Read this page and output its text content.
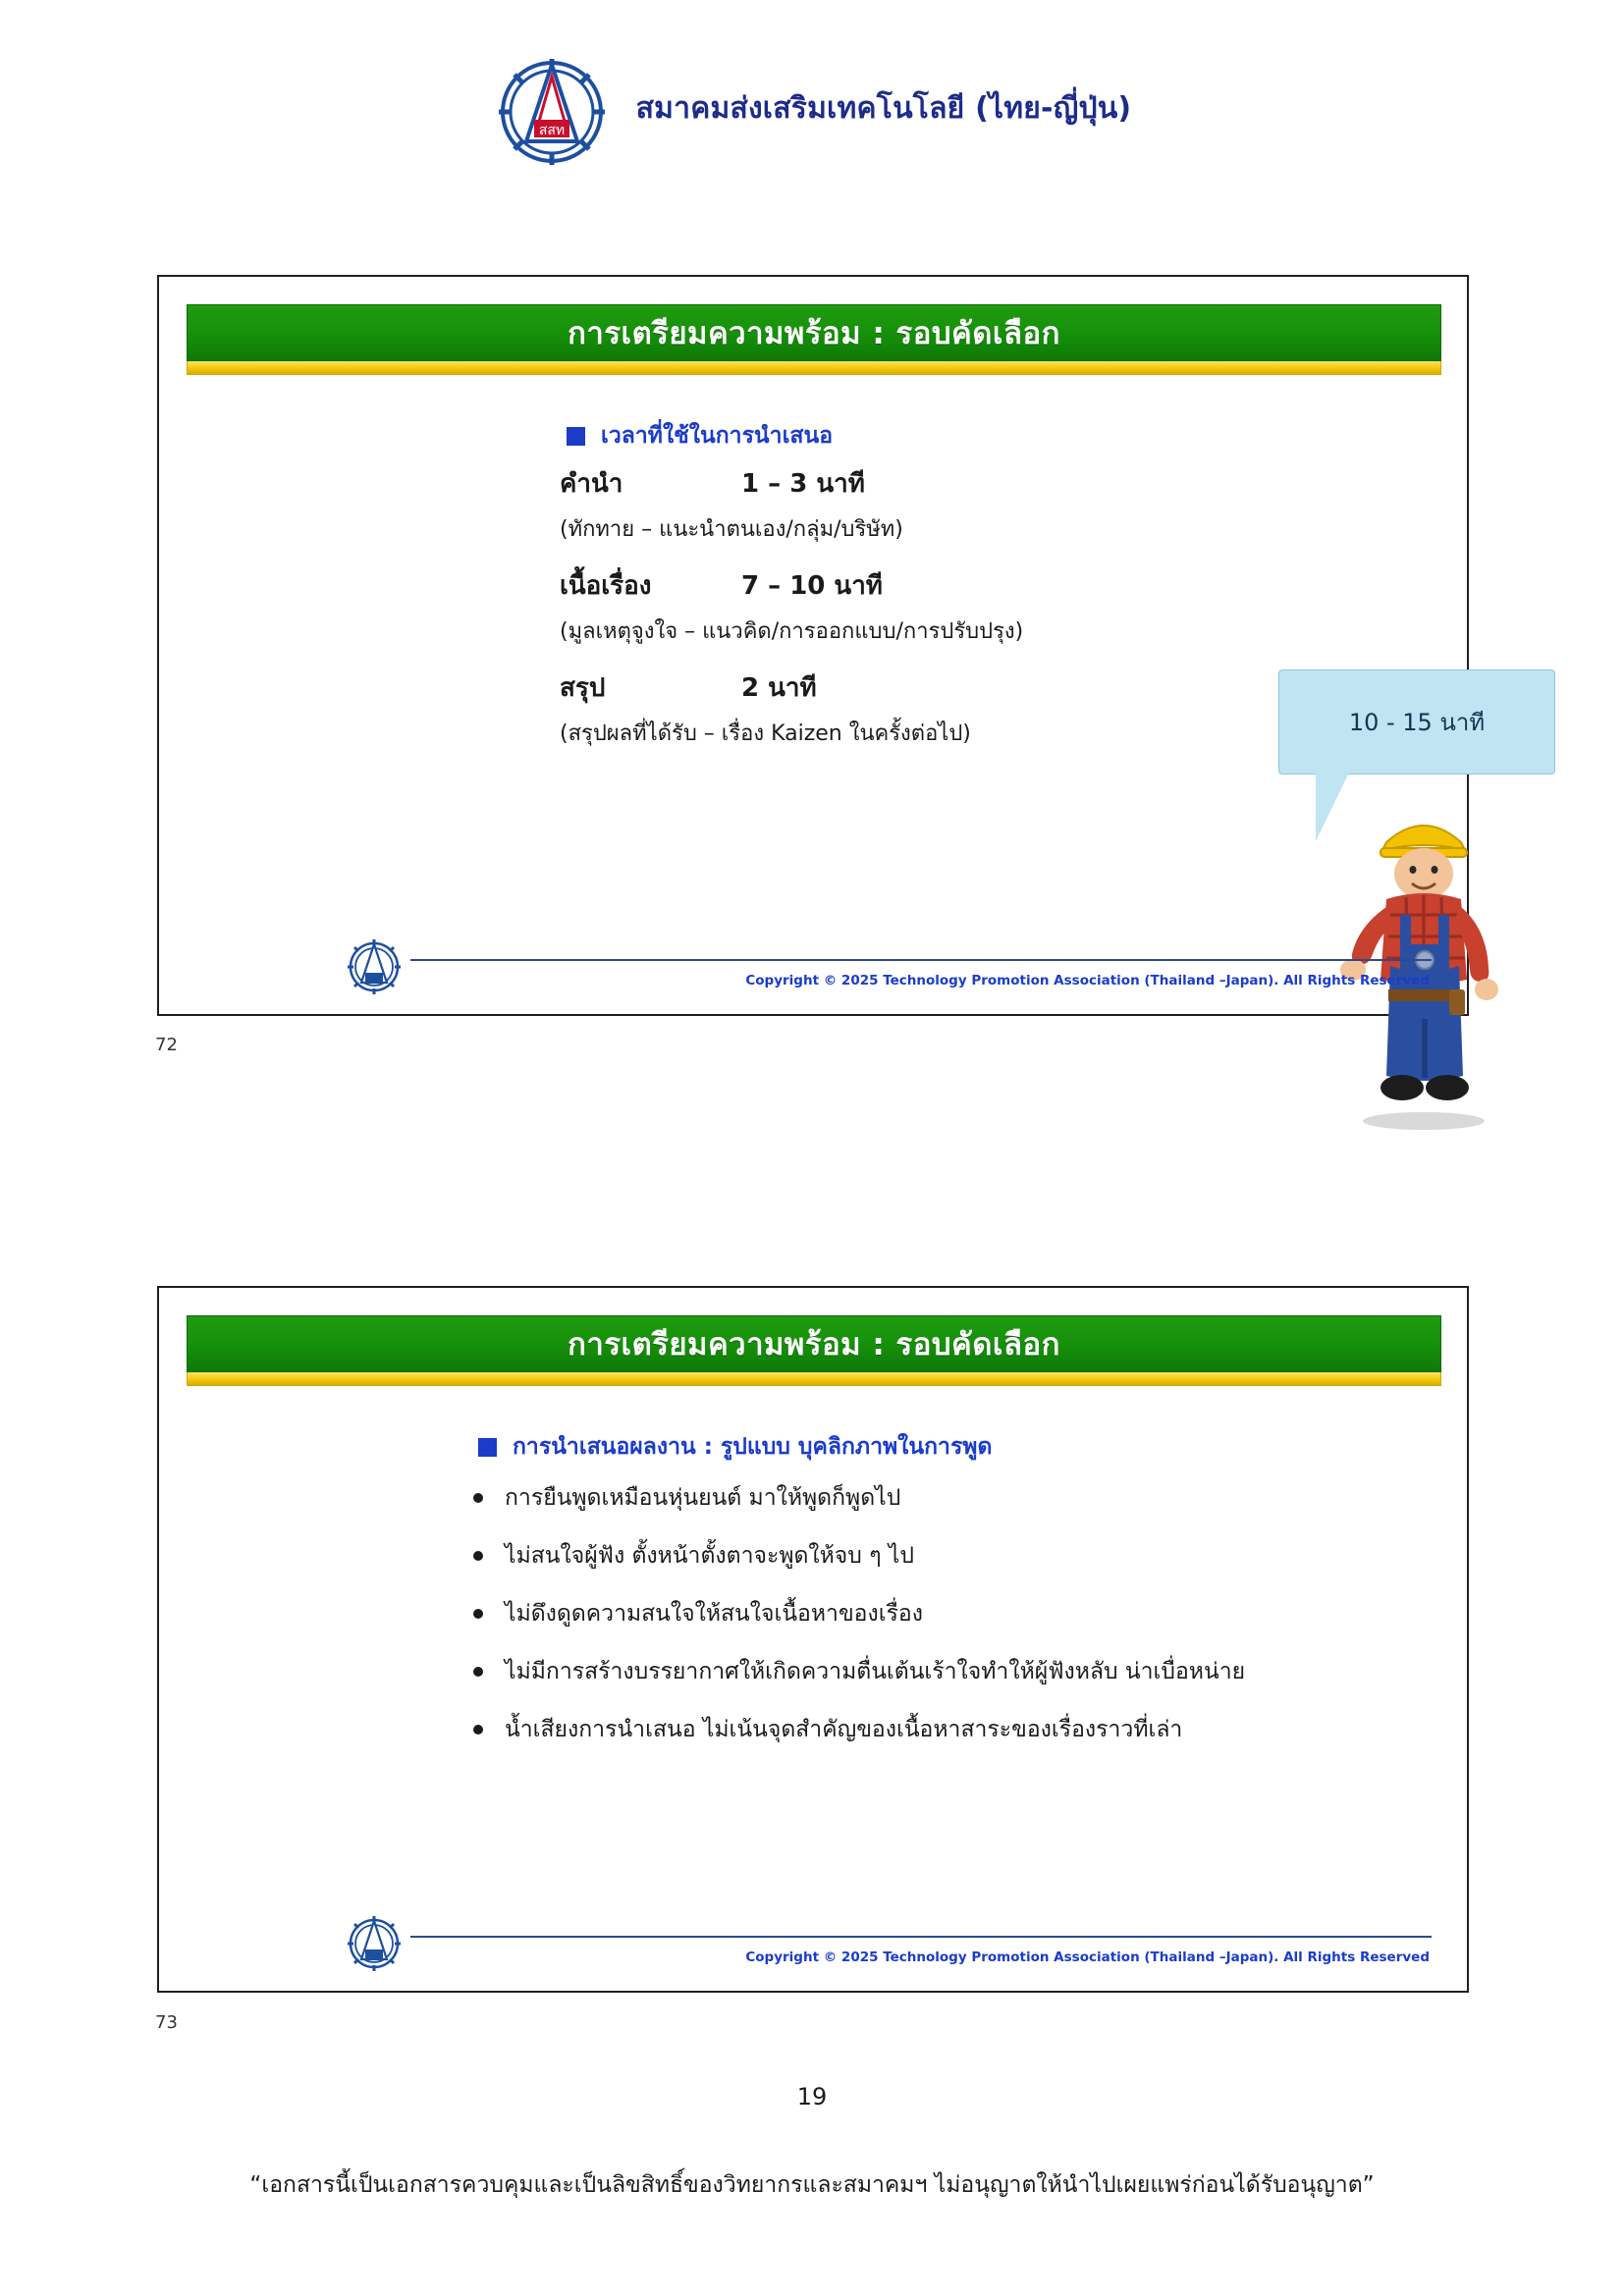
สสท
สมาคมส่งเสริมเทคโนโลยี (ไทย-ญี่ปุ่น)
การเตรียมความพร้อม : รอบคัดเลือก
เวลาที่ใช้ในการนำเสนอ
คำนำ	1 – 3 นาที
(ทักทาย – แนะนำตนเอง/กลุ่ม/บริษัท)
เนื้อเรื่อง	7 – 10 นาที
(มูลเหตุจูงใจ – แนวคิด/การออกแบบ/การปรับปรุง)
สรุป	2 นาที
(สรุปผลที่ได้รับ – เรื่อง Kaizen ในครั้งต่อไป)	10 - 15 นาที
Copyright © 2025 Technology Promotion Association (Thailand –Japan). All Rights Reserved
72
การเตรียมความพร้อม : รอบคัดเลือก
การนำเสนอผลงาน : รูปแบบ บุคลิกภาพในการพูด
การยืนพูดเหมือนหุ่นยนต์ มาให้พูดก็พูดไป
ไม่สนใจผู้ฟัง ตั้งหน้าตั้งตาจะพูดให้จบ ๆ ไป
ไม่ดึงดูดความสนใจให้สนใจเนื้อหาของเรื่อง
ไม่มีการสร้างบรรยากาศให้เกิดความตื่นเต้นเร้าใจทำให้ผู้ฟังหลับ น่าเบื่อหน่าย
น้ำเสียงการนำเสนอ ไม่เน้นจุดสำคัญของเนื้อหาสาระของเรื่องราวที่เล่า
Copyright © 2025 Technology Promotion Association (Thailand –Japan). All Rights Reserved
73
19
“เอกสารนี้เป็นเอกสารควบคุมและเป็นลิขสิทธิ์ของวิทยากรและสมาคมฯ ไม่อนุญาตให้นำไปเผยแพร่ก่อนได้รับอนุญาต”
